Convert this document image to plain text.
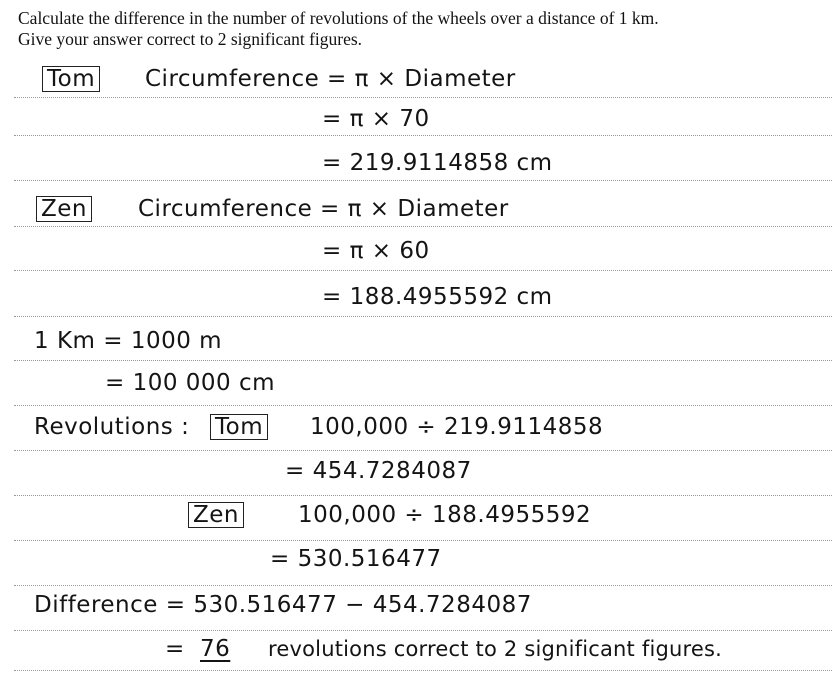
Calculate the difference in the number of revolutions of the wheels over a distance of 1 km.
Give your answer correct to 2 significant figures.
Tom Circumference = π × Diameter
= π × 70
= 219.9114858 cm
Zen Circumference = π × Diameter
= π × 60
= 188.4955592 cm
1 Km = 1000 m
= 100 000 cm
Revolutions : Tom 100,000 ÷ 219.9114858
= 454.7284087
Zen	100,000 ÷ 188.4955592
= 530.516477
Difference = 530.516477 − 454.7284087
= 76 revolutions correct to 2 significant figures.
